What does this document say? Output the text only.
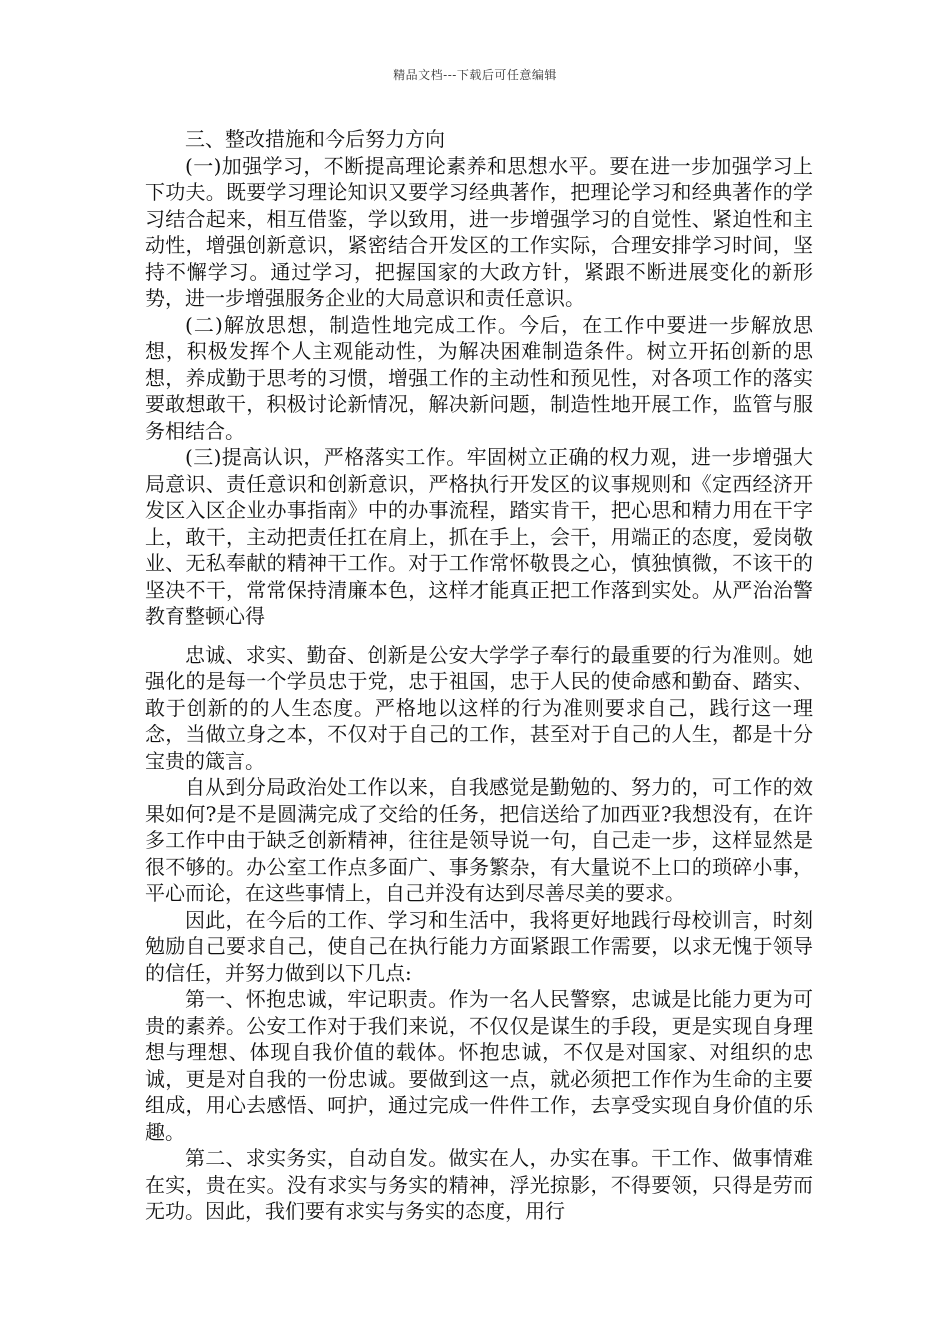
精品文档---下载后可任意编辑

三、整改措施和今后努力方向

(一)加强学习，不断提高理论素养和思想水平。要在进一步加强学习上下功夫。既要学习理论知识又要学习经典著作，把理论学习和经典著作的学习结合起来，相互借鉴，学以致用，进一步增强学习的自觉性、紧迫性和主动性，增强创新意识，紧密结合开发区的工作实际，合理安排学习时间，坚持不懈学习。通过学习，把握国家的大政方针，紧跟不断进展变化的新形势，进一步增强服务企业的大局意识和责任意识。

(二)解放思想，制造性地完成工作。今后，在工作中要进一步解放思想，积极发挥个人主观能动性，为解决困难制造条件。树立开拓创新的思想，养成勤于思考的习惯，增强工作的主动性和预见性，对各项工作的落实要敢想敢干，积极讨论新情况，解决新问题，制造性地开展工作，监管与服务相结合。

(三)提高认识，严格落实工作。牢固树立正确的权力观，进一步增强大局意识、责任意识和创新意识，严格执行开发区的议事规则和《定西经济开发区入区企业办事指南》中的办事流程，踏实肯干，把心思和精力用在干字上，敢干，主动把责任扛在肩上，抓在手上，会干，用端正的态度，爱岗敬业、无私奉献的精神干工作。对于工作常怀敬畏之心，慎独慎微，不该干的坚决不干，常常保持清廉本色，这样才能真正把工作落到实处。从严治治警教育整顿心得

忠诚、求实、勤奋、创新是公安大学学子奉行的最重要的行为准则。她强化的是每一个学员忠于党，忠于祖国，忠于人民的使命感和勤奋、踏实、敢于创新的的人生态度。严格地以这样的行为准则要求自己，践行这一理念，当做立身之本，不仅对于自己的工作，甚至对于自己的人生，都是十分宝贵的箴言。

自从到分局政治处工作以来，自我感觉是勤勉的、努力的，可工作的效果如何?是不是圆满完成了交给的任务，把信送给了加西亚?我想没有，在许多工作中由于缺乏创新精神，往往是领导说一句，自己走一步，这样显然是很不够的。办公室工作点多面广、事务繁杂，有大量说不上口的琐碎小事，平心而论，在这些事情上，自己并没有达到尽善尽美的要求。

因此，在今后的工作、学习和生活中，我将更好地践行母校训言，时刻勉励自己要求自己，使自己在执行能力方面紧跟工作需要，以求无愧于领导的信任，并努力做到以下几点:

第一、怀抱忠诚，牢记职责。作为一名人民警察，忠诚是比能力更为可贵的素养。公安工作对于我们来说，不仅仅是谋生的手段，更是实现自身理想与理想、体现自我价值的载体。怀抱忠诚，不仅是对国家、对组织的忠诚，更是对自我的一份忠诚。要做到这一点，就必须把工作作为生命的主要组成，用心去感悟、呵护，通过完成一件件工作，去享受实现自身价值的乐趣。

第二、求实务实，自动自发。做实在人，办实在事。干工作、做事情难在实，贵在实。没有求实与务实的精神，浮光掠影，不得要领，只得是劳而无功。因此，我们要有求实与务实的态度，用行
